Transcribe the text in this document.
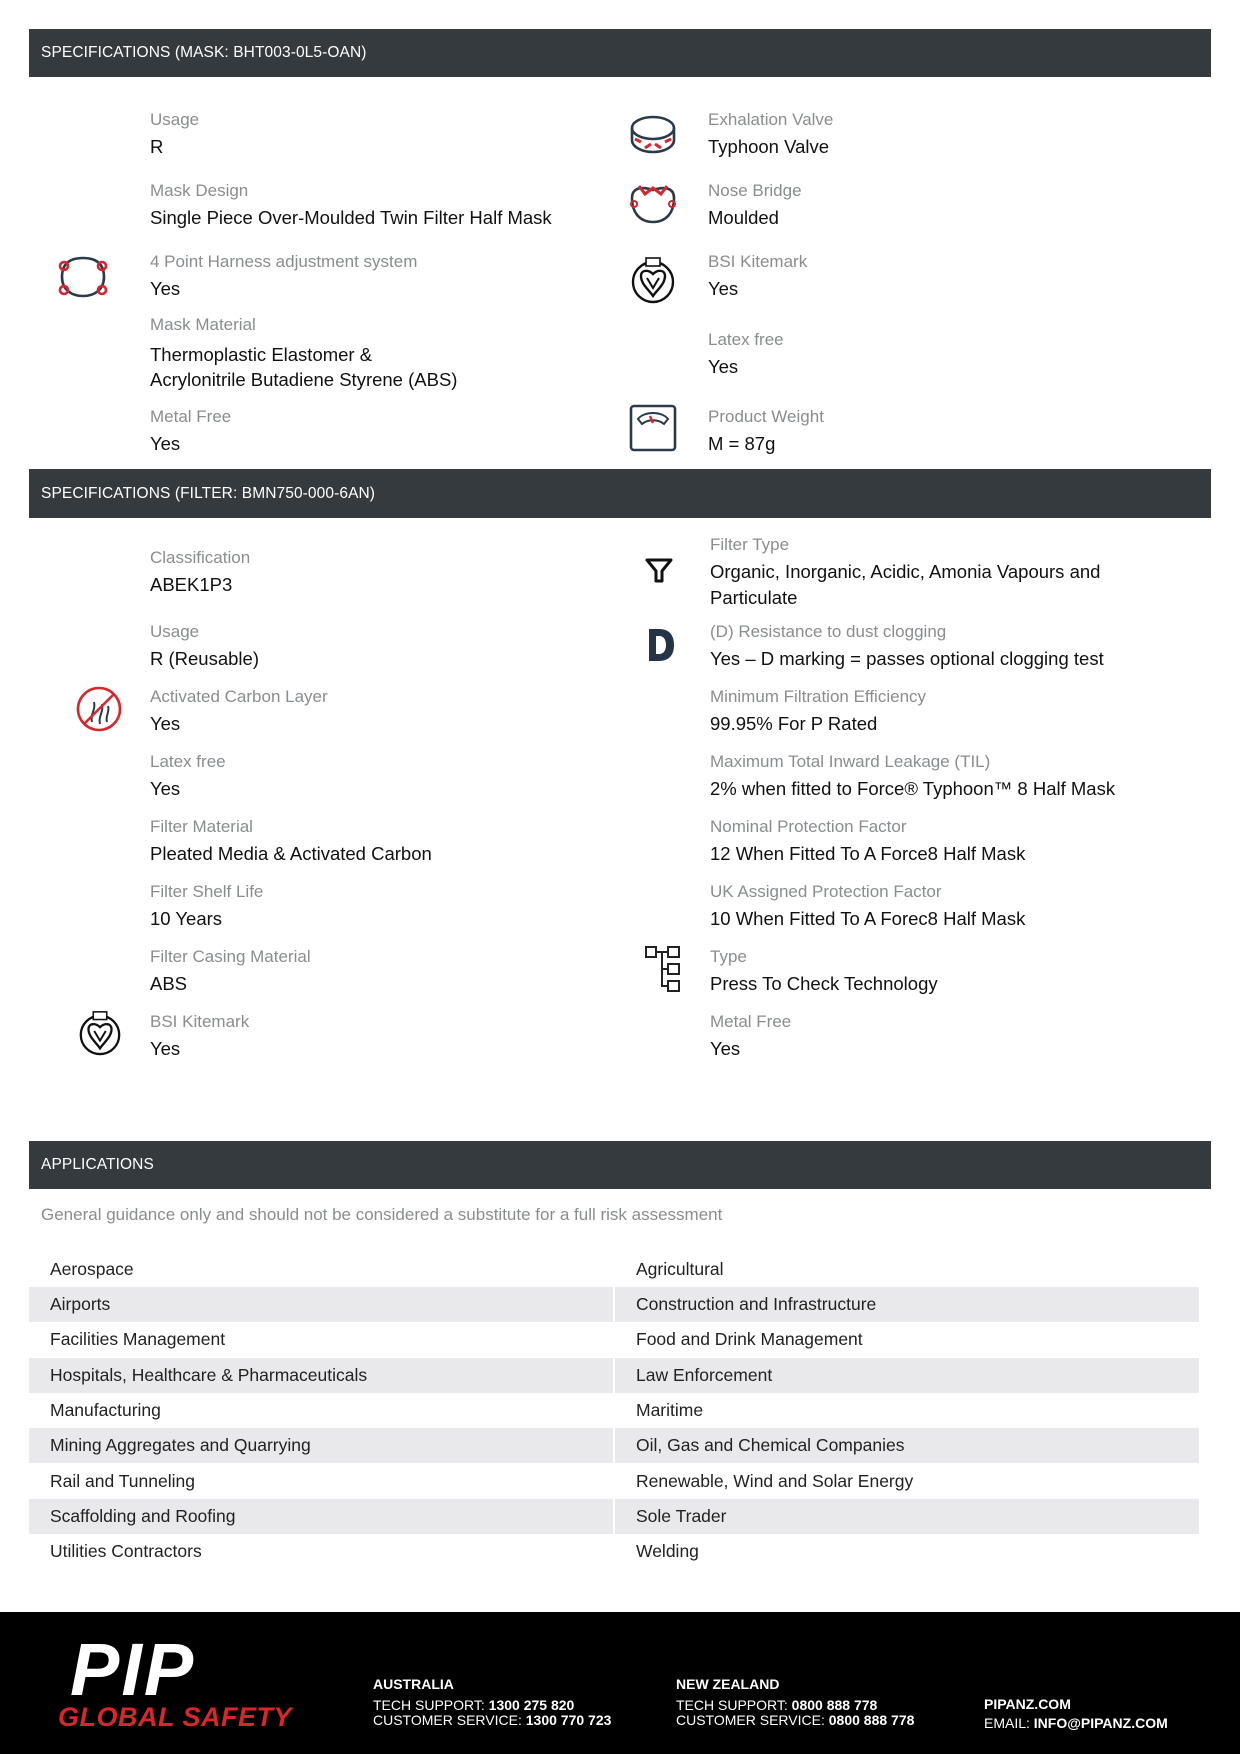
SPECIFICATIONS (MASK: BHT003-0L5-OAN)
Usage
R
Mask Design
Single Piece Over-Moulded Twin Filter Half Mask
4 Point Harness adjustment system
Yes
Mask Material
Thermoplastic Elastomer &
Acrylonitrile Butadiene Styrene (ABS)
Metal Free
Yes
Exhalation Valve
Typhoon Valve
Nose Bridge
Moulded
BSI Kitemark
Yes
Latex free
Yes
Product Weight
M = 87g
SPECIFICATIONS (FILTER: BMN750-000-6AN)
Classification
ABEK1P3
Usage
R (Reusable)
Activated Carbon Layer
Yes
Latex free
Yes
Filter Material
Pleated Media & Activated Carbon
Filter Shelf Life
10 Years
Filter Casing Material
ABS
BSI Kitemark
Yes
Filter Type
Organic, Inorganic, Acidic, Amonia Vapours and
Particulate
(D) Resistance to dust clogging
Yes – D marking = passes optional clogging test
Minimum Filtration Efficiency
99.95% For P Rated
Maximum Total Inward Leakage (TIL)
2% when fitted to Force® Typhoon™ 8 Half Mask
Nominal Protection Factor
12 When Fitted To A Force8 Half Mask
UK Assigned Protection Factor
10 When Fitted To A Forec8 Half Mask
Type
Press To Check Technology
Metal Free
Yes
APPLICATIONS
General guidance only and should not be considered a substitute for a full risk assessment
Aerospace	Agricultural
Airports	Construction and Infrastructure
Facilities Management	Food and Drink Management
Hospitals, Healthcare & Pharmaceuticals	Law Enforcement
Manufacturing	Maritime
Mining Aggregates and Quarrying	Oil, Gas and Chemical Companies
Rail and Tunneling	Renewable, Wind and Solar Energy
Scaffolding and Roofing	Sole Trader
Utilities Contractors	Welding
PIP
GLOBAL SAFETY
AUSTRALIA
TECH SUPPORT: 1300 275 820
CUSTOMER SERVICE: 1300 770 723
NEW ZEALAND
TECH SUPPORT: 0800 888 778
CUSTOMER SERVICE: 0800 888 778
PIPANZ.COM
EMAIL: INFO@PIPANZ.COM
